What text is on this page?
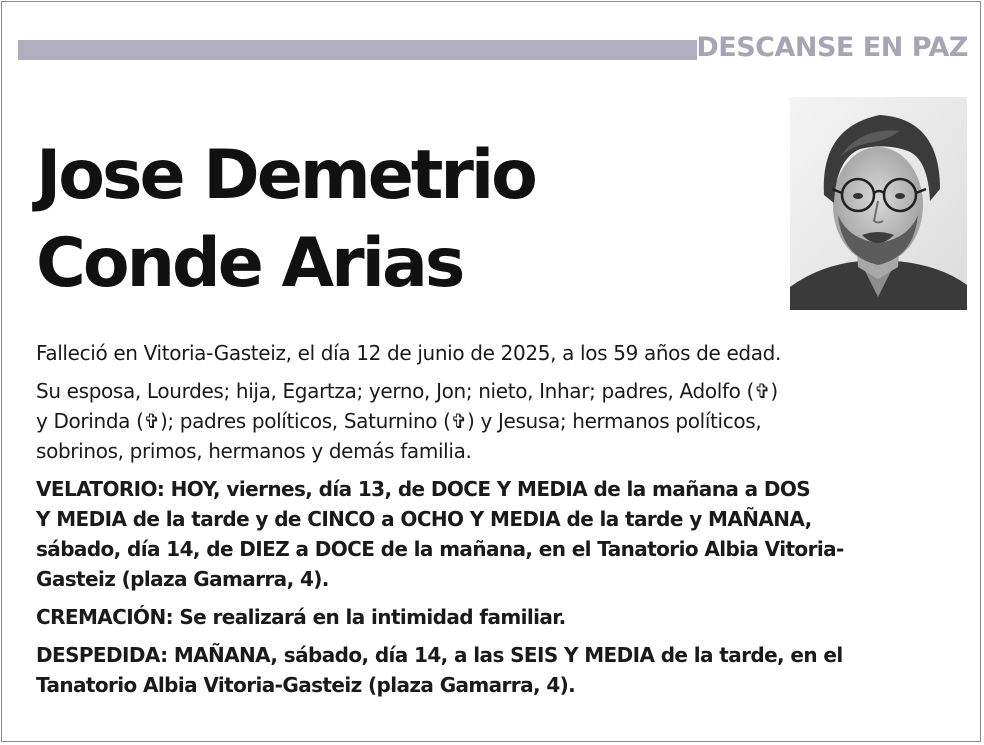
DESCANSE EN PAZ
Jose Demetrio
Conde Arias
Falleció en Vitoria-Gasteiz, el día 12 de junio de 2025, a los 59 años de edad.
Su esposa, Lourdes; hija, Egartza; yerno, Jon; nieto, Inhar; padres, Adolfo (✞)
y Dorinda (✞); padres políticos, Saturnino (✞) y Jesusa; hermanos políticos,
sobrinos, primos, hermanos y demás familia.
VELATORIO: HOY, viernes, día 13, de DOCE Y MEDIA de la mañana a DOS
Y MEDIA de la tarde y de CINCO a OCHO Y MEDIA de la tarde y MAÑANA,
sábado, día 14, de DIEZ a DOCE de la mañana, en el Tanatorio Albia Vitoria-
Gasteiz (plaza Gamarra, 4).
CREMACIÓN: Se realizará en la intimidad familiar.
DESPEDIDA: MAÑANA, sábado, día 14, a las SEIS Y MEDIA de la tarde, en el
Tanatorio Albia Vitoria-Gasteiz (plaza Gamarra, 4).
